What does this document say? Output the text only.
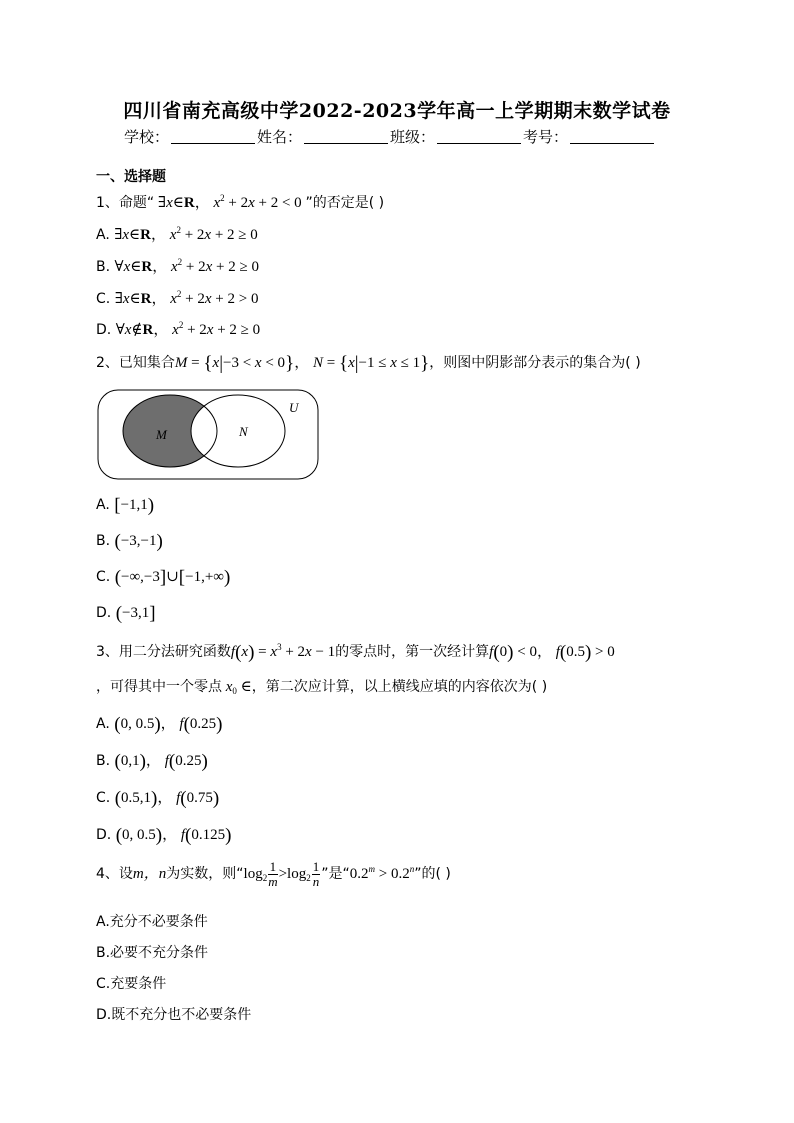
四川省南充高级中学2022-2023学年高一上学期期末数学试卷
学校：	姓名：	班级：	考号：
一、选择题
1、命题“ ∃x∈R， $x^2 + 2x + 2 < 0$ ”的否定是( )
A. ∃x∈R， $x^2 + 2x + 2 \ge 0$
B. ∀x∈R， $x^2 + 2x + 2 \ge 0$
C. ∃x∈R， $x^2 + 2x + 2 > 0$
D. ∀x∉R， $x^2 + 2x + 2 \ge 0$
2、已知集合M = {x|−3 < x < 0}， N = {x|−1 ≤ x ≤ 1}，则图中阴影部分表示的集合为( )
M	N
U
A. [−1,1)
B. (−3,−1)
C. (−∞,−3]∪[−1,+∞)
D. (−3,1]
3、用二分法研究函数$f(x) = x^3 + 2x - 1$的零点时，第一次经计算f(0) < 0， f(0.5) > 0
，可得其中一个零点 $x_0$ ∈，第二次应计算，以上横线应填的内容依次为( )
A. (0, 0.5)， f(0.25)
B. (0,1)， f(0.25)
C. (0.5,1)， f(0.75)
D. (0, 0.5)， f(0.125)
4、设m，n为实数，则“$\log_2 \frac{1}{m} >\log_2 \frac{1}{n}$ ”是“$0.2^m > 0.2^n$”的( )
A.充分不必要条件
B.必要不充分条件
C.充要条件
D.既不充分也不必要条件
